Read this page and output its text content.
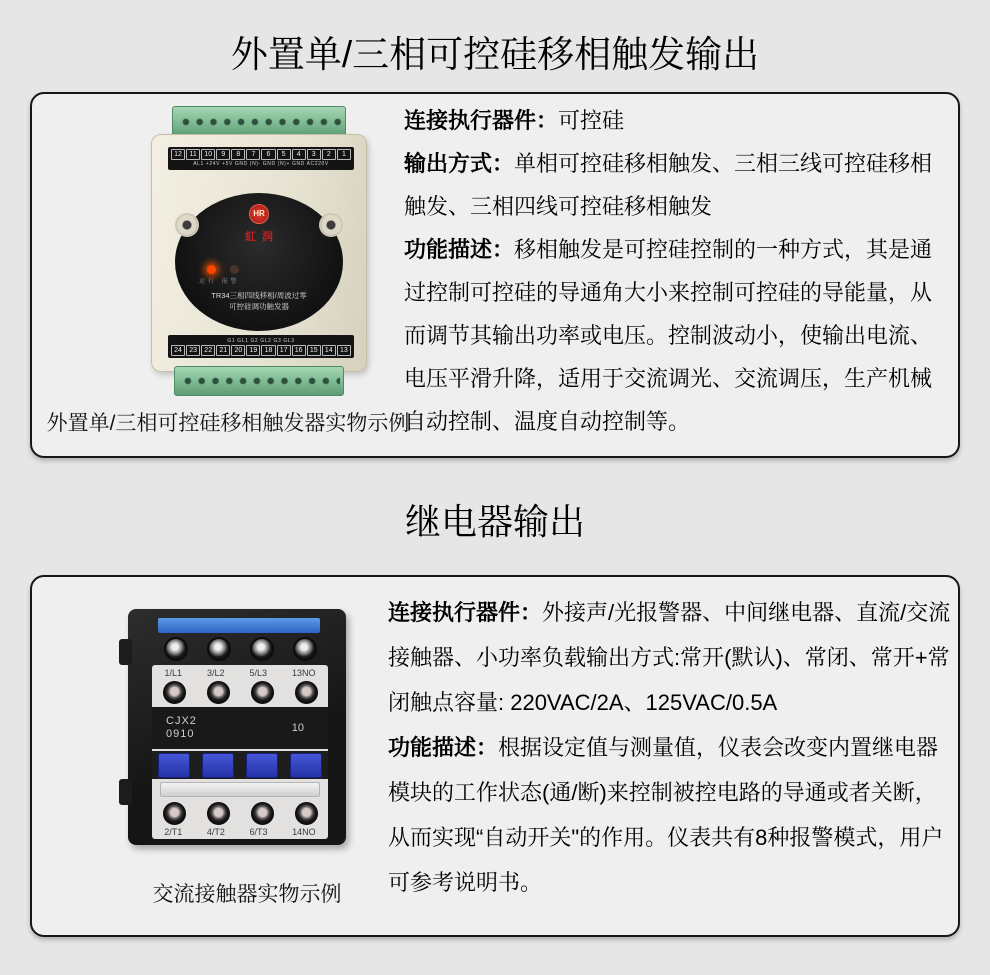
外置单/三相可控硅移相触发输出
12	11	10	9	8	7	6	5	4	3	2	1
AL1 +24V +5V GND (N)- GND (N)+ GND AC220V
HR
虹润
运行 报警
TR34三相四线移相/周波过零
可控硅调功触发器
G1 GL1 G2 GL2 G3 GL3
24	23	22	21	20	19	18	17	16	15	14	13
外置单/三相可控硅移相触发器实物示例

连接执行器件：可控硅

输出方式：单相可控硅移相触发、三相三线可控硅移相触发、三相四线可控硅移相触发

功能描述：移相触发是可控硅控制的一种方式，其是通过控制可控硅的导通角大小来控制可控硅的导能量，从而调节其输出功率或电压。控制波动小，使输出电流、电压平滑升降，适用于交流调光、交流调压，生产机械自动控制、温度自动控制等。

继电器输出
1/L1	3/L2	5/L3	13NO
CJX2
0910	10
2/T1	4/T2	6/T3	14NO
交流接触器实物示例

连接执行器件：外接声/光报警器、中间继电器、直流/交流接触器、小功率负载输出方式:常开(默认)、常闭、常开+常闭触点容量: 220VAC/2A、125VAC/0.5A

功能描述：根据设定值与测量值，仪表会改变内置继电器模块的工作状态(通/断)来控制被控电路的导通或者关断，从而实现“自动开关"的作用。仪表共有8种报警模式，用户可参考说明书。
